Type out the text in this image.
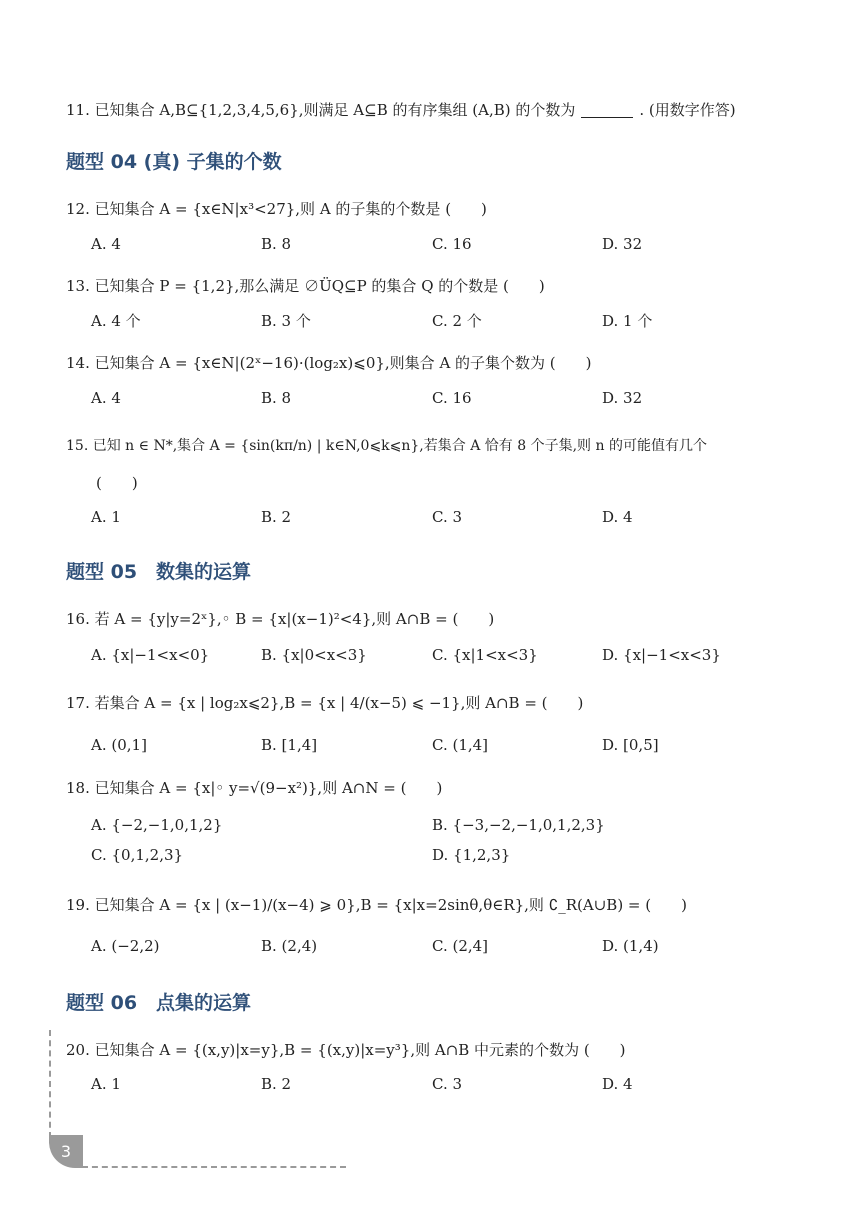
11. 已知集合 A,B⊆{1,2,3,4,5,6},则满足 A⊆B 的有序集组 (A,B) 的个数为	. (用数字作答)
题型 04 (真) 子集的个数
12. 已知集合 A = {x∈N|x³<27},则 A 的子集的个数是 (　　)
A. 4	B. 8	C. 16	D. 32
13. 已知集合 P = {1,2},那么满足 ∅ÜQ⊆P 的集合 Q 的个数是 (　　)
A. 4 个	B. 3 个	C. 2 个	D. 1 个
14. 已知集合 A = {x∈N|(2ˣ−16)·(log₂x)⩽0},则集合 A 的子集个数为 (　　)
A. 4	B. 8	C. 16	D. 32
15. 已知 n ∈ N*,集合 A = {sin(kπ/n) | k∈N,0⩽k⩽n},若集合 A 恰有 8 个子集,则 n 的可能值有几个
(　　)
A. 1	B. 2	C. 3	D. 4
题型 05　数集的运算
16. 若 A = {y|y=2ˣ},◦ B = {x|(x−1)²<4},则 A∩B = (　　)
A. {x|−1<x<0}	B. {x|0<x<3}	C. {x|1<x<3}	D. {x|−1<x<3}
17. 若集合 A = {x | log₂x⩽2},B = {x | 4/(x−5) ⩽ −1},则 A∩B = (　　)
A. (0,1]	B. [1,4]	C. (1,4]	D. [0,5]
18. 已知集合 A = {x|◦ y=√(9−x²)},则 A∩N = (　　)
A. {−2,−1,0,1,2}	B. {−3,−2,−1,0,1,2,3}
C. {0,1,2,3}	D. {1,2,3}
19. 已知集合 A = {x | (x−1)/(x−4) ⩾ 0},B = {x|x=2sinθ,θ∈R},则 ∁_R(A∪B) = (　　)
A. (−2,2)	B. (2,4)	C. (2,4]	D. (1,4)
题型 06　点集的运算
20. 已知集合 A = {(x,y)|x=y},B = {(x,y)|x=y³},则 A∩B 中元素的个数为 (　　)
A. 1	B. 2	C. 3	D. 4
3
